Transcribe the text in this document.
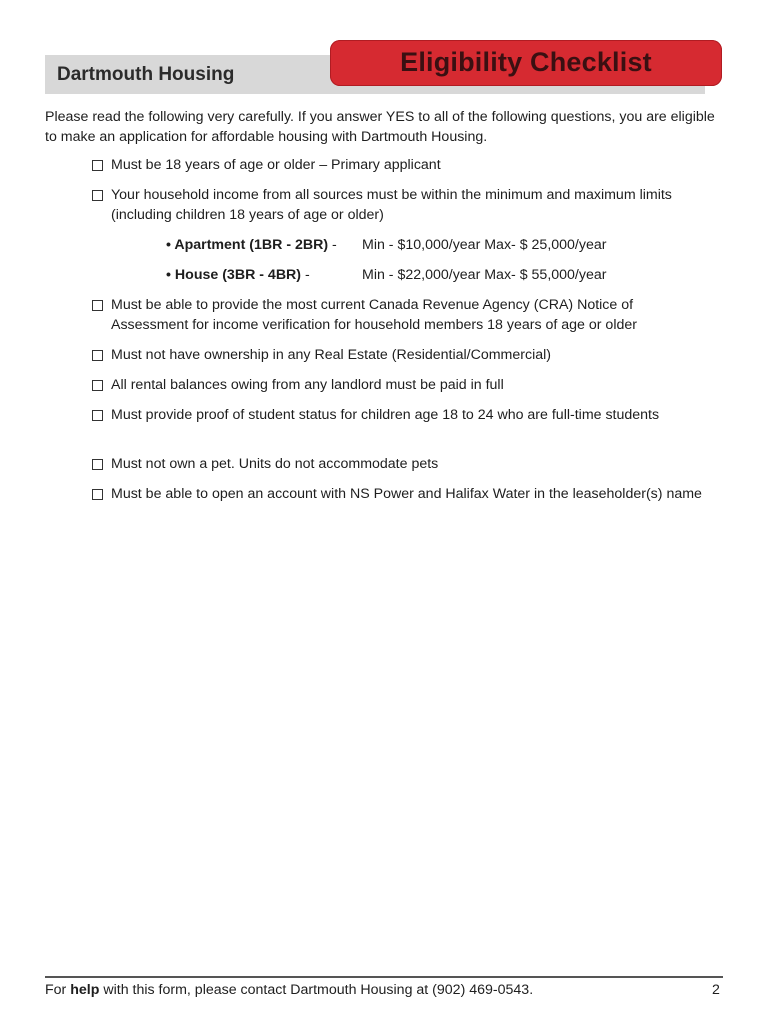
Dartmouth Housing	Eligibility Checklist
Please read the following very carefully. If you answer YES to all of the following questions, you are eligible to make an application for affordable housing with Dartmouth Housing.
Must be 18 years of age or older – Primary applicant
Your household income from all sources must be within the minimum and maximum limits (including children 18 years of age or older)
• Apartment (1BR - 2BR) - Min - $10,000/year Max- $ 25,000/year
• House (3BR - 4BR) -	Min - $22,000/year Max- $ 55,000/year
Must be able to provide the most current Canada Revenue Agency (CRA) Notice of Assessment for income verification for household members 18 years of age or older
Must not have ownership in any Real Estate (Residential/Commercial)
All rental balances owing from any landlord must be paid in full
Must provide proof of student status for children age 18 to 24 who are full-time students
Must not own a pet. Units do not accommodate pets
Must be able to open an account with NS Power and Halifax Water in the leaseholder(s) name
For help with this form, please contact Dartmouth Housing at (902) 469-0543.	2
